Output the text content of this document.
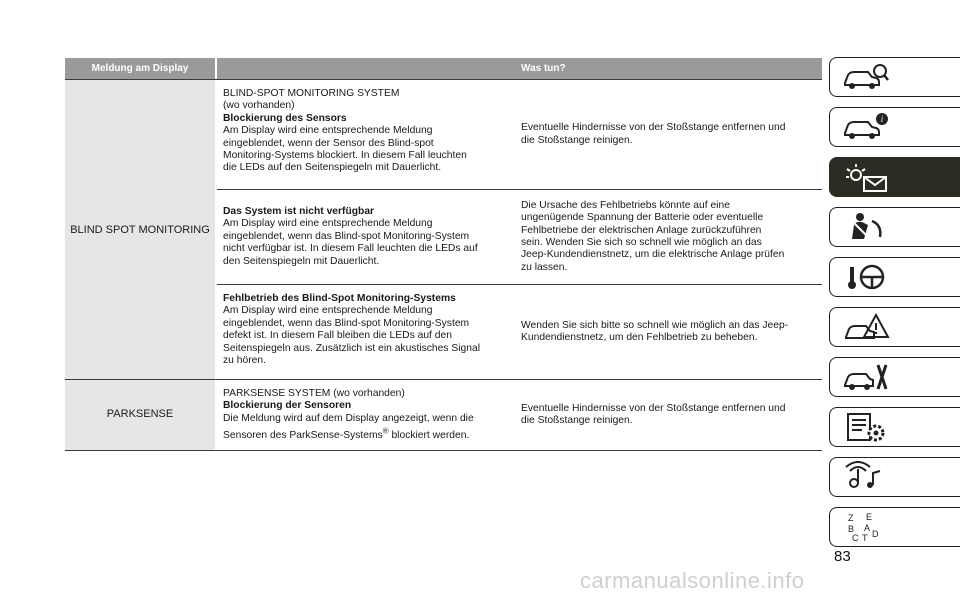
Meldung am Display	Was tun?
BLIND SPOT MONITORING
BLIND-SPOT MONITORING SYSTEM
(wo vorhanden)
Blockierung des Sensors
Am Display wird eine entsprechende Meldung
eingeblendet, wenn der Sensor des Blind-spot
Monitoring-Systems blockiert. In diesem Fall leuchten
die LEDs auf den Seitenspiegeln mit Dauerlicht.
Eventuelle Hindernisse von der Stoßstange entfernen und
die Stoßstange reinigen.
Das System ist nicht verfügbar
Am Display wird eine entsprechende Meldung
eingeblendet, wenn das Blind-spot Monitoring-System
nicht verfügbar ist. In diesem Fall leuchten die LEDs auf
den Seitenspiegeln mit Dauerlicht.
Die Ursache des Fehlbetriebs könnte auf eine
ungenügende Spannung der Batterie oder eventuelle
Fehlbetriebe der elektrischen Anlage zurückzuführen
sein. Wenden Sie sich so schnell wie möglich an das
Jeep-Kundendienstnetz, um die elektrische Anlage prüfen
zu lassen.
Fehlbetrieb des Blind-Spot Monitoring-Systems
Am Display wird eine entsprechende Meldung
eingeblendet, wenn das Blind-spot Monitoring-System
defekt ist. In diesem Fall bleiben die LEDs auf den
Seitenspiegeln aus. Zusätzlich ist ein akustisches Signal
zu hören.
Wenden Sie sich bitte so schnell wie möglich an das Jeep-
Kundendienstnetz, um den Fehlbetrieb zu beheben.
PARKSENSE
PARKSENSE SYSTEM (wo vorhanden)
Blockierung der Sensoren
Die Meldung wird auf dem Display angezeigt, wenn die
Sensoren des ParkSense-Systems® blockiert werden.
Eventuelle Hindernisse von der Stoßstange entfernen und
die Stoßstange reinigen.
i
Z E
B A
C T D
83
carmanualsonline.info
